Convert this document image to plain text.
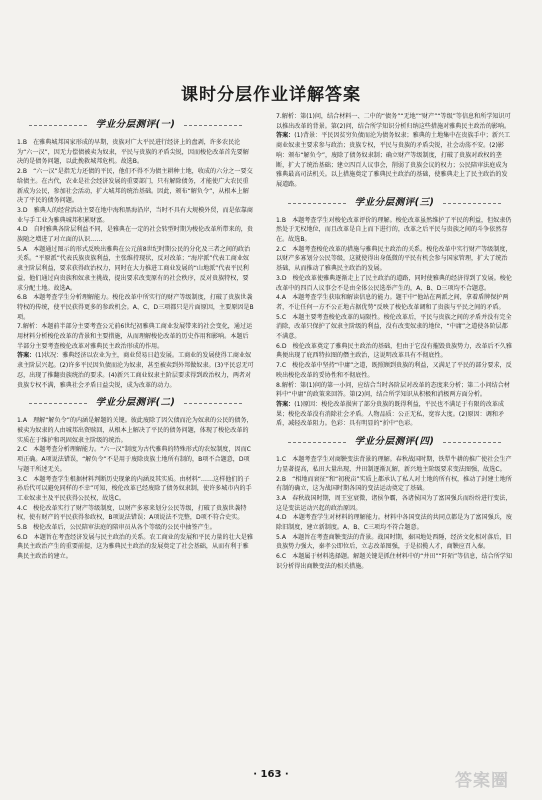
课时分层作业详解答案
学业分层测评(一)

1.B　在雅典城邦国家形成的早期，贵族对广大平民进行经济上的盘剥，许多农民沦为“六一汉”，因无力偿债被卖为奴隶，平民与贵族的矛盾尖锐，因而梭伦改革首先要解决的是债务问题，以此挽救城邦危机。故选B。

2.B　“六一汉”是指无力还债的平民，他们不得不为债主耕种土地，收成的六分之一要交给债主。在古代，农业是社会经济发展的重要部门，只有解除债务，才能使广大农民重新成为公民，参加社会活动，扩大城邦的统治基础。因此，颁布“解负令”，从根本上解决了平民的债务问题。

3.D　雅典人的经营活动主要在地中海和黑海沿岸，当时不具有大规模外贸，而是依靠商业与手工业为雅典城邦积累财富。

4.D　自时雅典各阶层利益不同，是雅典在一定的社会转型时期为梭伦改革所带来的，贵族随之增进了对立面的认识……

5.A　本题通过图示的形式反映出雅典在公元前8世纪时期公民的分化及三者之间的政治关系。“平原派”代表氏族贵族利益，主张维持现状，反对改革；“海岸派”代表工商业奴隶主阶层利益，要求获得政治权力，同时在大力推进工商业发展的“山地派”代表平民利益，他们通过向贵族和奴隶主挑战，提出要求改变原有的社会秩序，反对贵族特权，要求分配土地。故选A。

6.B　本题考查学生分析理解能力。梭伦改革中所实行的财产等级制度，打破了贵族世袭特权的传统，使平民获得更多的参政机会。A、C、D三项都只是片面原因，主要原因是B项。

7.解析：本题前半部分主要考查公元前6世纪初雅典工商业发展带来的社会变化，通过运用材料分析梭伦改革的背景和主要措施，从而理解梭伦改革的历史作用和影响。本题后半部分主要考查梭伦改革对雅典民主政治形成的作用。

答案：(1)状况：雅典经济以农业为主，商业贸易日趋发展。工商业的发展使得工商业奴隶主阶层兴起。(2)许多平民因负债而沦为奴隶，甚至被卖到外邦做奴隶。(3)平民忍无可忍，出现了推翻贵族统治的要求。(4)新兴工商业奴隶主阶层要求得到政治权力，两者对贵族专权不满，雅典社会矛盾日益尖锐，成为改革的动力。

学业分层测评(二)

1.A　理解“解负令”的内涵是解题的关键。彼此废除了因欠债而沦为奴隶的公民的债务，被卖为奴隶的人由城邦出资赎回，从根本上解决了平民的债务问题，体现了梭伦改革的实质在于维护和巩固奴隶主阶级的统治。

2.C　本题考查分析理解能力。“六一汉”制度为古代雅典的特殊形式的农奴制度，因而C项正确。A项说法错误，“解负令”不是用于废除贵族土地所有制的，B项不合题意，D项与题干所述无关。

3.C　本题考查学生根据材料判断历史现象的内涵及其实质。由材料“……这样他们的子孙后代可以避免同样的不幸”可知，梭伦改革已经废除了债务奴隶制，使许多城市内的手工业奴隶主及平民获得公民权，故选C。

4.C　梭伦改革实行了财产等级制度，以财产多寡来划分公民等级，打破了贵族世袭特权，使有财产的平民获得参政权，B项说法错误；A项说法不完整，D项不符合史实。

5.B　梭伦改革后，公民陪审法庭的陪审员从各个等级的公民中抽签产生。

6.D　本题旨在考查经济发展与民主政治的关系。农工商业的发展和平民力量的壮大是雅典民主政治产生的重要前提，这为雅典民主政治的发展奠定了社会基础，从而有利于雅典民主政治的建立。

7.解析：第(1)问，结合材料一、二中的“债务”“无地”“财产”“等级”等信息和所学知识可以推出改革的背景。第(2)问，结合所学知识分析归纳这些措施对雅典民主政治的影响。

答案：(1)背景：平民因贫穷负债而沦为债务奴隶；雅典的土地集中在贵族手中；新兴工商业奴隶主要求参与政治；贵族专权，平民与贵族的矛盾尖锐，社会动荡不安。(2)影响：颁布“解负令”，废除了债务奴隶制；确立财产等级制度，打破了贵族对政权的垄断，扩大了统治基础；建立四百人议事会，削弱了贵族会议的权力；公民陪审法庭成为雅典最高司法机关。以上措施奠定了雅典民主政治的基础，使雅典走上了民主政治的发展道路。

学业分层测评(三)

1.B　本题考查学生对梭伦改革评价的理解。梭伦改革虽然维护了平民的利益，但奴隶仍然处于无权地位，而且改革是自上而下进行的，改革之后平民与贵族之间的斗争依然存在。故选B。

2.C　本题考查梭伦改革的措施与雅典民主政治的关系。梭伦改革中实行财产等级制度，以财产多寡划分公民等级，这就使得出身低微的平民有机会参与国家管理，扩大了统治基础，从而推动了雅典民主政治的发展。

3.D　梭伦改革使雅典逐渐走上了民主政治的道路，同时使雅典的经济得到了发展。梭伦改革中的四百人议事会不是由全体公民选举产生的，A、B、D三项均不合题意。

4.A　本题考查学生获取和解读信息的能力。题干中“他站在两派之间，拿着盾牌保护两者，不让任何一方不公正地占据优势”反映了梭伦改革调和了贵族与平民之间的矛盾。

5.C　本题主要考查梭伦改革的局限性。梭伦改革后，平民与贵族之间的矛盾并没有完全消除，改革只保护了奴隶主阶级的利益，没有改变奴隶的地位，“中庸”之道使各阶层都不满意。

6.D　梭伦改革奠定了雅典民主政治的基础，但由于它没有摧毁贵族势力，改革后不久雅典便出现了庇西特拉图的僭主政治，这说明改革具有不彻底性。

7.C　梭伦改革中坚持“中庸”之道，既照顾到贵族的利益，又满足了平民的部分要求，反映出梭伦改革的妥协性和不彻底性。

8.解析：第(1)问的第一小问，应结合当时各阶层对改革的态度来分析；第二小问结合材料中“中庸”的政策来回答。第(2)问，结合所学知识从积极和消极两方面分析。

答案：(1)原因：梭伦改革损害了部分贵族的既得利益，平民也不满足于有限的改革成果；梭伦改革没有消除社会矛盾。人物品质：公正无私，宽容大度。(2)原因：调和矛盾，减轻改革阻力。色彩：具有明显的“折中”色彩。

学业分层测评(四)

1.C　本题考查学生对商鞅变法背景的理解。春秋战国时期，铁犁牛耕的推广使社会生产力显著提高，私田大量出现，井田制逐渐瓦解，新兴地主阶级要求变法图强，故选C。

2.B　“相地而衰征”和“初税亩”实质上都承认了私人对土地的所有权，推动了封建土地所有制的确立，这为战国时期各国的变法运动奠定了基础。

3.A　春秋战国时期，周王室衰微，诸侯争霸，各诸侯国为了富国强兵而纷纷进行变法，这是变法运动兴起的政治原因。

4.D　本题考查学生对材料的理解能力。材料中各国变法的共同点都是为了富国强兵，废除旧制度，建立新制度。A、B、C三项均不符合题意。

5.A　本题旨在考查商鞅变法的背景。战国时期，秦国地处西陲，经济文化相对落后，旧贵族势力强大，秦孝公即位后，立志改革图强，于是招揽人才，商鞅应召入秦。

6.C　本题属于材料选择题。解题关键是抓住材料中的“井田”“阡陌”等信息，结合所学知识分析得出商鞅变法的相关措施。

· 163 ·	答案圈
